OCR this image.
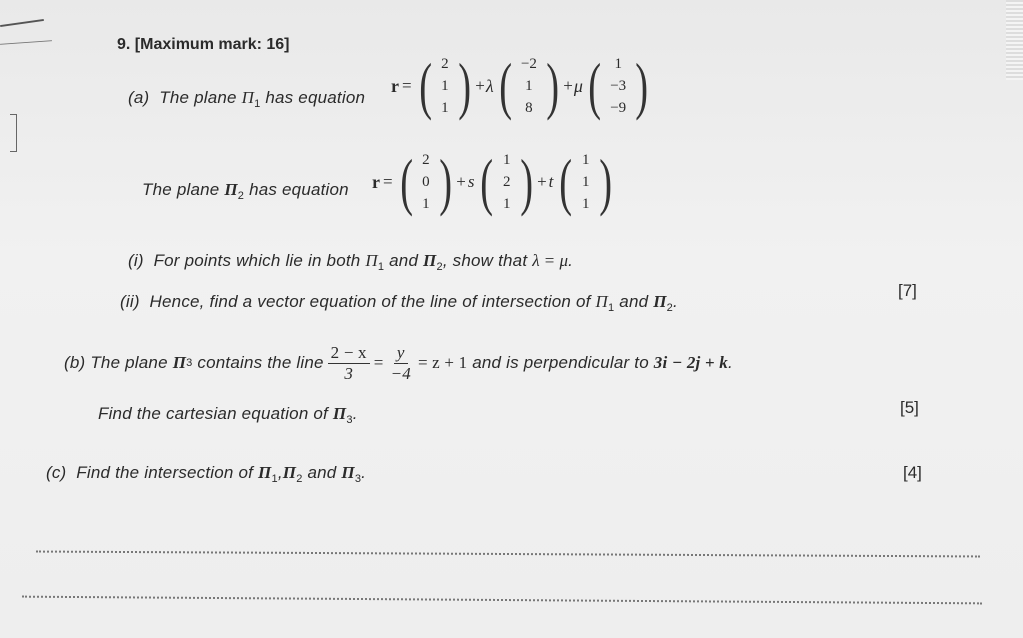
9. [Maximum mark: 16]
(a) The plane $\Pi_1$ has equation
r = ( 2
1
1 ) + λ ( −2
1
8 ) + μ ( 1
−3
−9 )
The plane $\Pi_2$ has equation r = ( 2
0
1 ) + s ( 1
2
1 ) + t ( 1
1
1 )
(i) For points which lie in both $\Pi_1$ and $\Pi_2$, show that λ = μ.
(ii) Hence, find a vector equation of the line of intersection of $\Pi_1$ and $\Pi_2$.
[7]
(b)
The plane
Π 3
contains the line $\frac{2 - x}{3} = \frac{y}{-4} = z + 1$
and is perpendicular to
3i − 2j + k .
Find the cartesian equation of $\Pi_3$.	[5]
(c) Find the intersection of $\Pi_1,\Pi_2$ and $\Pi_3$.	[4]
